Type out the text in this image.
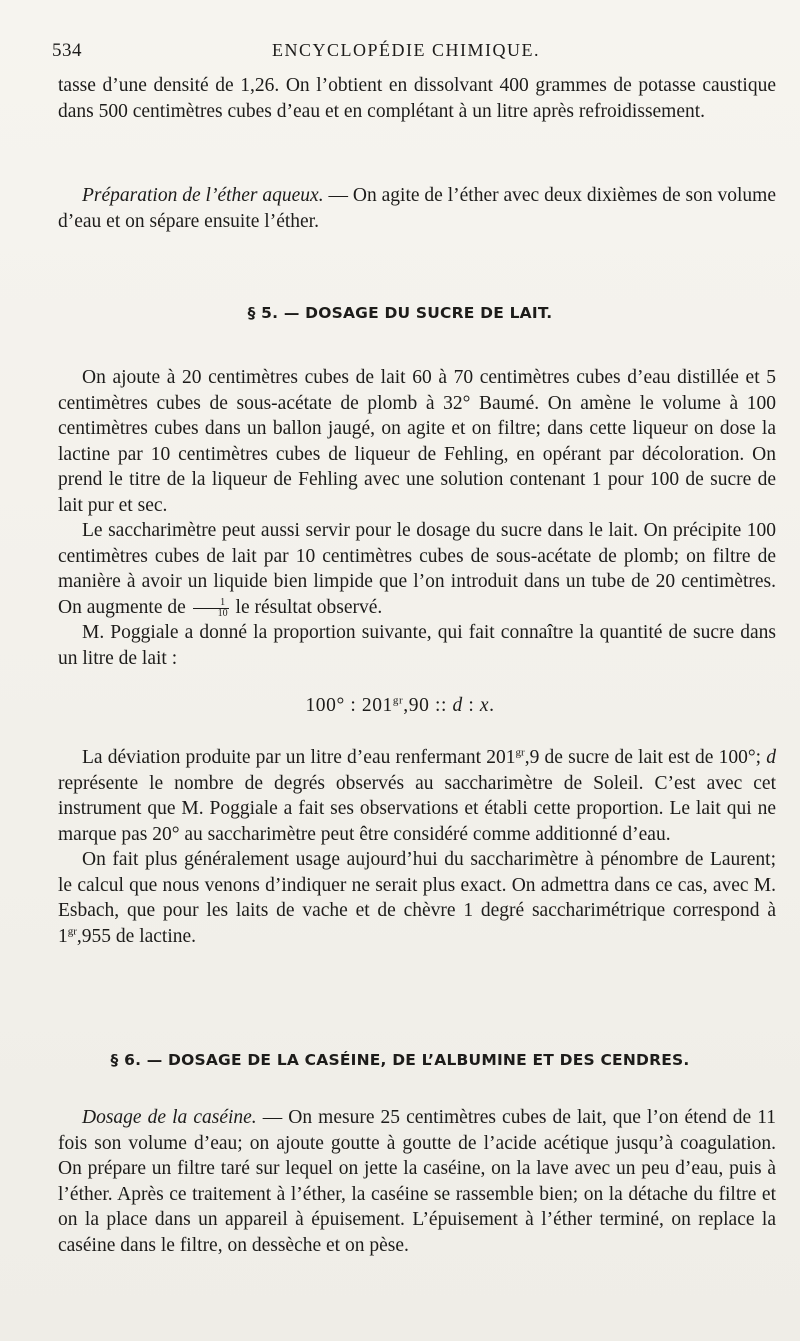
534	ENCYCLOPÉDIE CHIMIQUE.

tasse d’une densité de 1,26. On l’obtient en dissolvant 400 grammes de potasse caustique dans 500 centimètres cubes d’eau et en complétant à un litre après refroidissement.

Préparation de l’éther aqueux. — On agite de l’éther avec deux dixièmes de son volume d’eau et on sépare ensuite l’éther.

§ 5. — DOSAGE DU SUCRE DE LAIT.

On ajoute à 20 centimètres cubes de lait 60 à 70 centimètres cubes d’eau distillée et 5 centimètres cubes de sous-acétate de plomb à 32° Baumé. On amène le volume à 100 centimètres cubes dans un ballon jaugé, on agite et on filtre; dans cette liqueur on dose la lactine par 10 centimètres cubes de liqueur de Fehling, en opérant par décoloration. On prend le titre de la liqueur de Fehling avec une solution contenant 1 pour 100 de sucre de lait pur et sec.

Le saccharimètre peut aussi servir pour le dosage du sucre dans le lait. On précipite 100 centimètres cubes de lait par 10 centimètres cubes de sous-acétate de plomb; on filtre de manière à avoir un liquide bien limpide que l’on introduit dans un tube de 20 centimètres. On augmente de $\frac{1}{10}$ le résultat observé.

M. Poggiale a donné la proportion suivante, qui fait connaître la quantité de sucre dans un litre de lait :

100° : $201^{gr},90$ :: d : x.

La déviation produite par un litre d’eau renfermant $201^{gr},9$ de sucre de lait est de 100°; d représente le nombre de degrés observés au saccharimètre de Soleil. C’est avec cet instrument que M. Poggiale a fait ses observations et établi cette proportion. Le lait qui ne marque pas 20° au saccharimètre peut être considéré comme additionné d’eau.

On fait plus généralement usage aujourd’hui du saccharimètre à pénombre de Laurent; le calcul que nous venons d’indiquer ne serait plus exact. On admettra dans ce cas, avec M. Esbach, que pour les laits de vache et de chèvre 1 degré saccharimétrique correspond à $1^{gr},955$ de lactine.

§ 6. — DOSAGE DE LA CASÉINE, DE L’ALBUMINE ET DES CENDRES.

Dosage de la caséine. — On mesure 25 centimètres cubes de lait, que l’on étend de 11 fois son volume d’eau; on ajoute goutte à goutte de l’acide acétique jusqu’à coagulation. On prépare un filtre taré sur lequel on jette la caséine, on la lave avec un peu d’eau, puis à l’éther. Après ce traitement à l’éther, la caséine se rassemble bien; on la détache du filtre et on la place dans un appareil à épuisement. L’épuisement à l’éther terminé, on replace la caséine dans le filtre, on dessèche et on pèse.
